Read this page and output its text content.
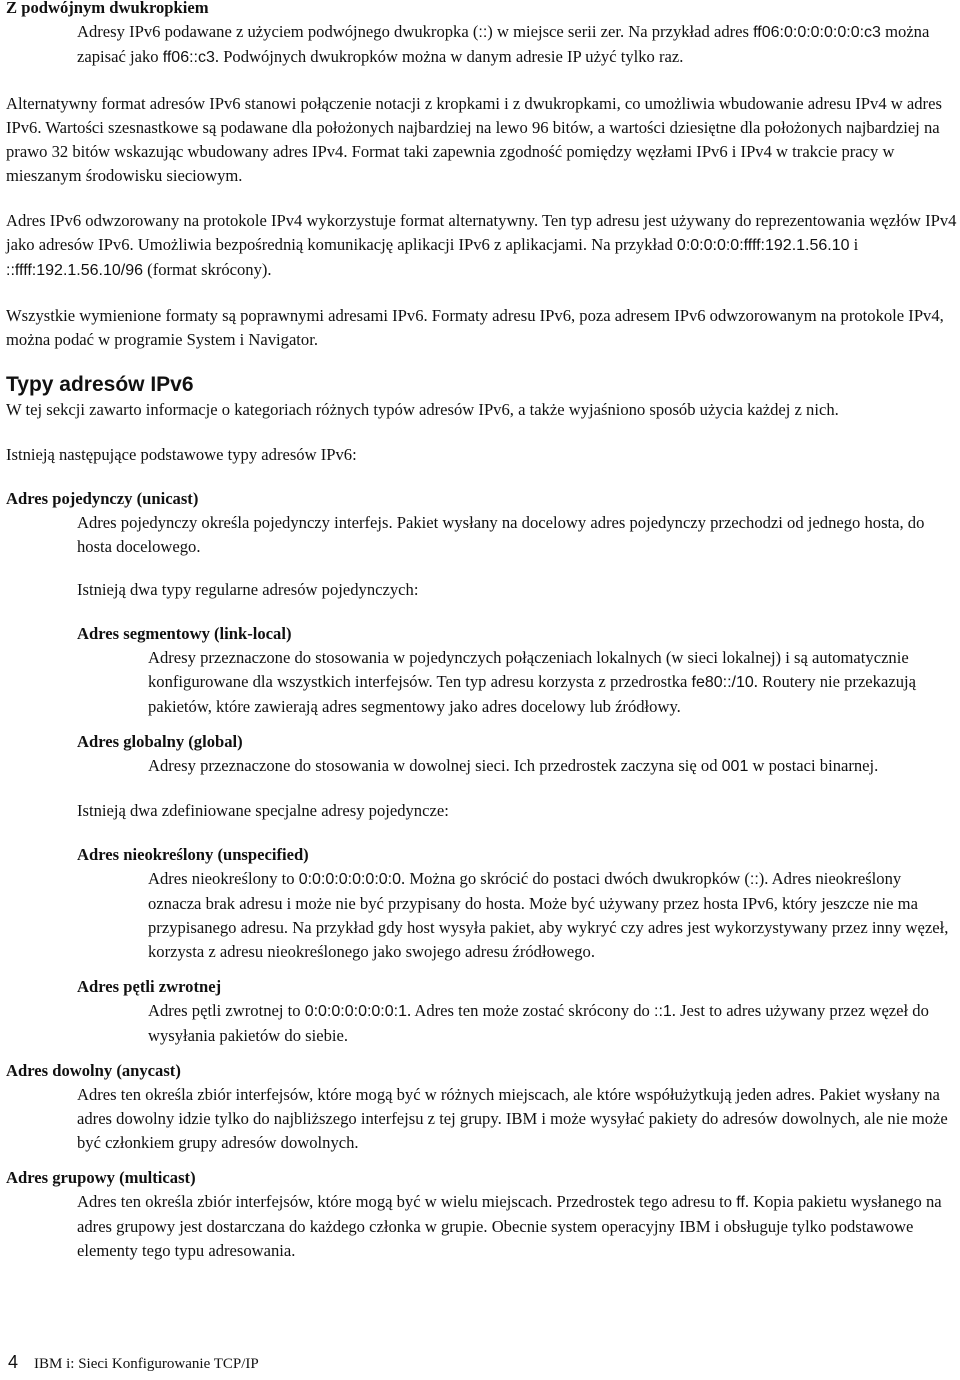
Z podwójnym dwukropkiem

Adresy IPv6 podawane z użyciem podwójnego dwukropka (::) w miejsce serii zer. Na przykład adres ff06:0:0:0:0:0:0:c3 można zapisać jako ff06::c3. Podwójnych dwukropków można w danym adresie IP użyć tylko raz.

Alternatywny format adresów IPv6 stanowi połączenie notacji z kropkami i z dwukropkami, co umożliwia wbudowanie adresu IPv4 w adres IPv6. Wartości szesnastkowe są podawane dla położonych najbardziej na lewo 96 bitów, a wartości dziesiętne dla położonych najbardziej na prawo 32 bitów wskazując wbudowany adres IPv4. Format taki zapewnia zgodność pomiędzy węzłami IPv6 i IPv4 w trakcie pracy w mieszanym środowisku sieciowym.

Adres IPv6 odwzorowany na protokole IPv4 wykorzystuje format alternatywny. Ten typ adresu jest używany do reprezentowania węzłów IPv4 jako adresów IPv6. Umożliwia bezpośrednią komunikację aplikacji IPv6 z aplikacjami. Na przykład 0:0:0:0:0:ffff:192.1.56.10 i ::ffff:192.1.56.10/96 (format skrócony).

Wszystkie wymienione formaty są poprawnymi adresami IPv6. Formaty adresu IPv6, poza adresem IPv6 odwzorowanym na protokole IPv4, można podać w programie System i Navigator.

Typy adresów IPv6

W tej sekcji zawarto informacje o kategoriach różnych typów adresów IPv6, a także wyjaśniono sposób użycia każdej z nich.

Istnieją następujące podstawowe typy adresów IPv6:

Adres pojedynczy (unicast)

Adres pojedynczy określa pojedynczy interfejs. Pakiet wysłany na docelowy adres pojedynczy przechodzi od jednego hosta, do hosta docelowego.

Istnieją dwa typy regularne adresów pojedynczych:

Adres segmentowy (link-local)

Adresy przeznaczone do stosowania w pojedynczych połączeniach lokalnych (w sieci lokalnej) i są automatycznie konfigurowane dla wszystkich interfejsów. Ten typ adresu korzysta z przedrostka fe80::/10. Routery nie przekazują pakietów, które zawierają adres segmentowy jako adres docelowy lub źródłowy.

Adres globalny (global)

Adresy przeznaczone do stosowania w dowolnej sieci. Ich przedrostek zaczyna się od 001 w postaci binarnej.

Istnieją dwa zdefiniowane specjalne adresy pojedyncze:

Adres nieokreślony (unspecified)

Adres nieokreślony to 0:0:0:0:0:0:0:0. Można go skrócić do postaci dwóch dwukropków (::). Adres nieokreślony oznacza brak adresu i może nie być przypisany do hosta. Może być używany przez hosta IPv6, który jeszcze nie ma przypisanego adresu. Na przykład gdy host wysyła pakiet, aby wykryć czy adres jest wykorzystywany przez inny węzeł, korzysta z adresu nieokreślonego jako swojego adresu źródłowego.

Adres pętli zwrotnej

Adres pętli zwrotnej to 0:0:0:0:0:0:0:1. Adres ten może zostać skrócony do ::1. Jest to adres używany przez węzeł do wysyłania pakietów do siebie.

Adres dowolny (anycast)

Adres ten określa zbiór interfejsów, które mogą być w różnych miejscach, ale które współużytkują jeden adres. Pakiet wysłany na adres dowolny idzie tylko do najbliższego interfejsu z tej grupy. IBM i może wysyłać pakiety do adresów dowolnych, ale nie może być członkiem grupy adresów dowolnych.

Adres grupowy (multicast)

Adres ten określa zbiór interfejsów, które mogą być w wielu miejscach. Przedrostek tego adresu to ff. Kopia pakietu wysłanego na adres grupowy jest dostarczana do każdego członka w grupie. Obecnie system operacyjny IBM i obsługuje tylko podstawowe elementy tego typu adresowania.

4 IBM i: Sieci Konfigurowanie TCP/IP
